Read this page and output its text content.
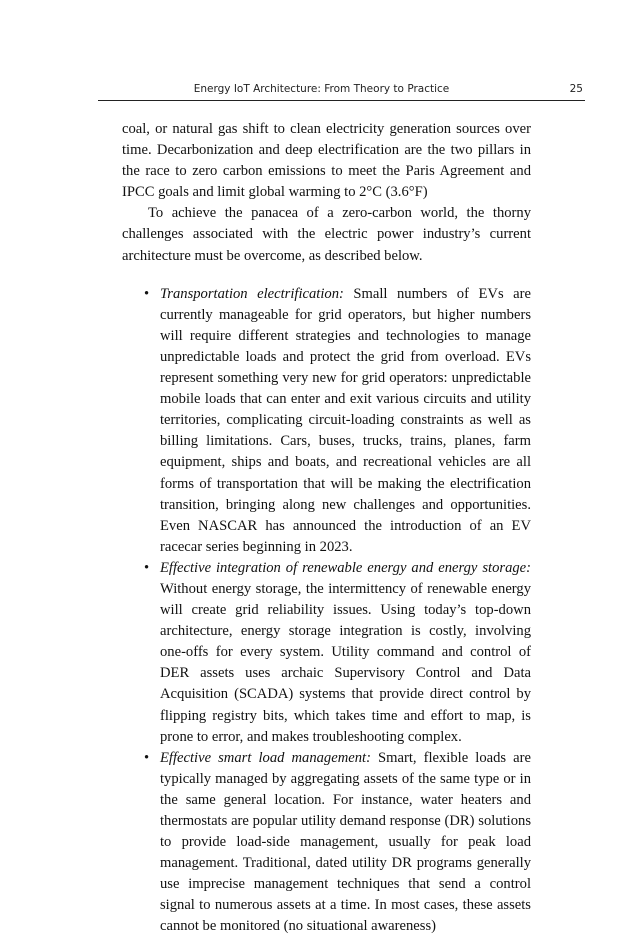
Energy IoT Architecture: From Theory to Practice	25

coal, or natural gas shift to clean electricity generation sources over time. Decarbonization and deep electrification are the two pillars in the race to zero carbon emissions to meet the Paris Agreement and IPCC goals and limit global warming to 2°C (3.6°F)

To achieve the panacea of a zero-carbon world, the thorny challenges associated with the electric power industry’s current architecture must be overcome, as described below.

• Transportation electrification: Small numbers of EVs are currently manageable for grid operators, but higher numbers will require different strategies and technologies to manage unpredictable loads and protect the grid from overload. EVs represent something very new for grid operators: unpredictable mobile loads that can enter and exit various circuits and utility territories, complicating circuit-loading constraints as well as billing limitations. Cars, buses, trucks, trains, planes, farm equipment, ships and boats, and recreational vehicles are all forms of transportation that will be making the electrification transition, bringing along new challenges and opportunities. Even NASCAR has announced the introduction of an EV racecar series beginning in 2023.
• Effective integration of renewable energy and energy storage: Without energy storage, the intermittency of renewable energy will create grid reliability issues. Using today’s top-down architecture, energy storage integration is costly, involving one-offs for every system. Utility command and control of DER assets uses archaic Supervisory Control and Data Acquisition (SCADA) systems that provide direct control by flipping registry bits, which takes time and effort to map, is prone to error, and makes troubleshooting complex.
• Effective smart load management: Smart, flexible loads are typically managed by aggregating assets of the same type or in the same general location. For instance, water heaters and thermostats are popular utility demand response (DR) solutions to provide load-side management, usually for peak load management. Traditional, dated utility DR programs generally use imprecise management techniques that send a control signal to numerous assets at a time. In most cases, these assets cannot be monitored (no situational awareness)
